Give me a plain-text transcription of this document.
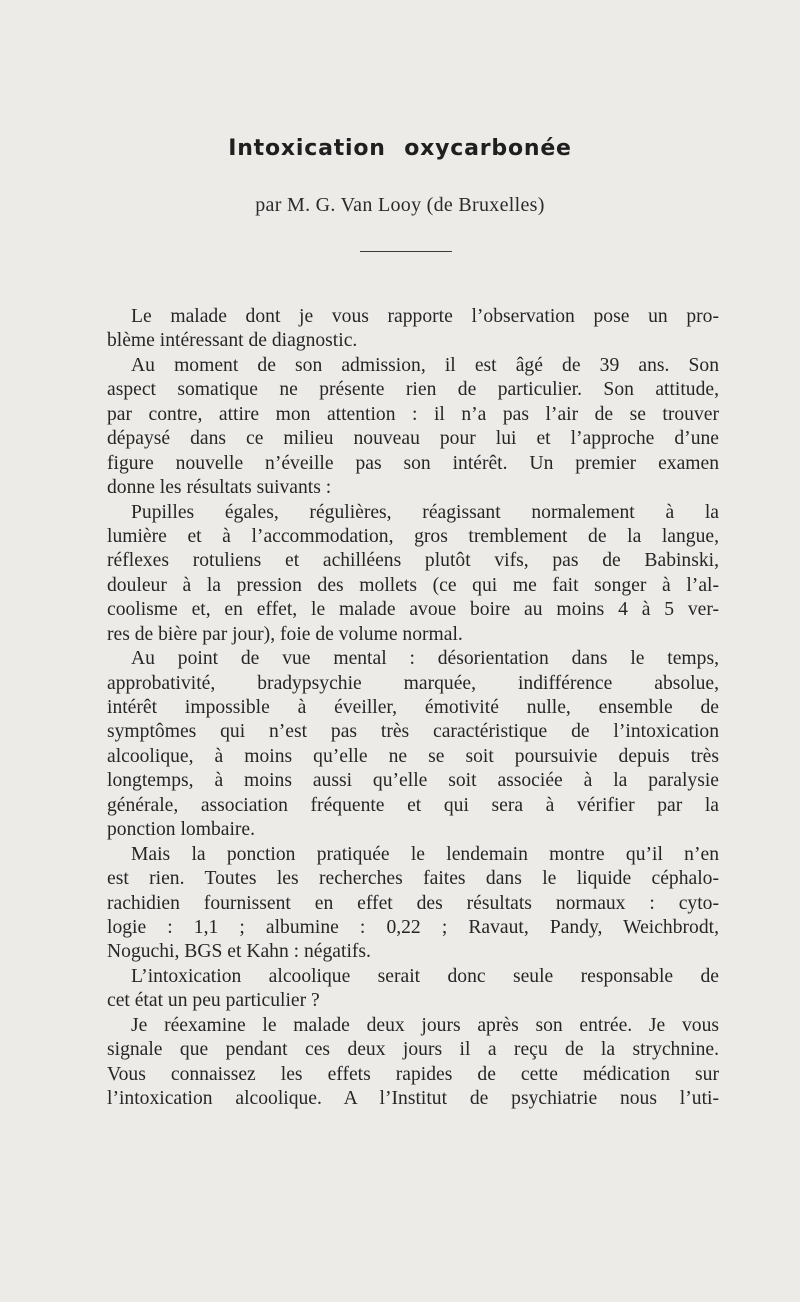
Intoxication oxycarbonée
par M. G. Van Looy (de Bruxelles)
Le malade dont je vous rapporte l’observation pose un pro-
blème intéressant de diagnostic.
Au moment de son admission, il est âgé de 39 ans. Son
aspect somatique ne présente rien de particulier. Son attitude,
par contre, attire mon attention : il n’a pas l’air de se trouver
dépaysé dans ce milieu nouveau pour lui et l’approche d’une
figure nouvelle n’éveille pas son intérêt. Un premier examen
donne les résultats suivants :
Pupilles égales, régulières, réagissant normalement à la
lumière et à l’accommodation, gros tremblement de la langue,
réflexes rotuliens et achilléens plutôt vifs, pas de Babinski,
douleur à la pression des mollets (ce qui me fait songer à l’al-
coolisme et, en effet, le malade avoue boire au moins 4 à 5 ver-
res de bière par jour), foie de volume normal.
Au point de vue mental : désorientation dans le temps,
approbativité, bradypsychie marquée, indifférence absolue,
intérêt impossible à éveiller, émotivité nulle, ensemble de
symptômes qui n’est pas très caractéristique de l’intoxication
alcoolique, à moins qu’elle ne se soit poursuivie depuis très
longtemps, à moins aussi qu’elle soit associée à la paralysie
générale, association fréquente et qui sera à vérifier par la
ponction lombaire.
Mais la ponction pratiquée le lendemain montre qu’il n’en
est rien. Toutes les recherches faites dans le liquide céphalo-
rachidien fournissent en effet des résultats normaux : cyto-
logie : 1,1 ; albumine : 0,22 ; Ravaut, Pandy, Weichbrodt,
Noguchi, BGS et Kahn : négatifs.
L’intoxication alcoolique serait donc seule responsable de
cet état un peu particulier ?
Je réexamine le malade deux jours après son entrée. Je vous
signale que pendant ces deux jours il a reçu de la strychnine.
Vous connaissez les effets rapides de cette médication sur
l’intoxication alcoolique. A l’Institut de psychiatrie nous l’uti-
